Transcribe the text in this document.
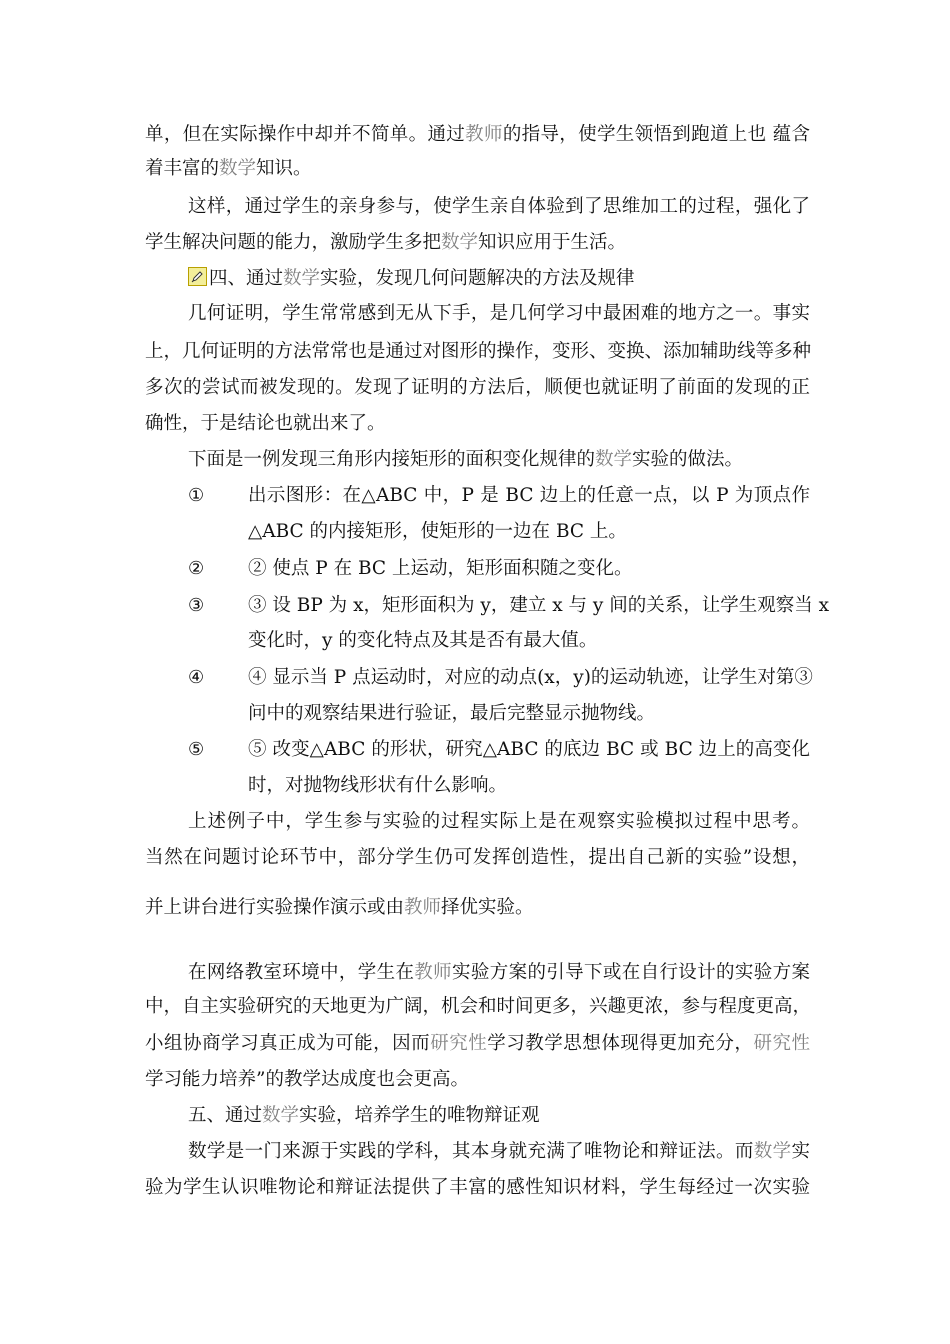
单，但在实际操作中却并不简单。通过教师的指导，使学生领悟到跑道上也 蕴含
着丰富的数学知识。
这样，通过学生的亲身参与，使学生亲自体验到了思维加工的过程，强化了
学生解决问题的能力，激励学生多把数学知识应用于生活。
四、通过数学实验，发现几何问题解决的方法及规律
几何证明，学生常常感到无从下手，是几何学习中最困难的地方之一。事实
上，几何证明的方法常常也是通过对图形的操作，变形、变换、添加辅助线等多种
多次的尝试而被发现的。发现了证明的方法后，顺便也就证明了前面的发现的正
确性，于是结论也就出来了。
下面是一例发现三角形内接矩形的面积变化规律的数学实验的做法。
① 出示图形：在△ABC 中，P 是 BC 边上的任意一点，以 P 为顶点作
△ABC 的内接矩形，使矩形的一边在 BC 上。
② ② 使点 P 在 BC 上运动，矩形面积随之变化。
③ ③ 设 BP 为 x，矩形面积为 y，建立 x 与 y 间的关系，让学生观察当 x
变化时，y 的变化特点及其是否有最大值。
④ ④ 显示当 P 点运动时，对应的动点(x，y)的运动轨迹，让学生对第③
问中的观察结果进行验证，最后完整显示抛物线。
⑤ ⑤ 改变△ABC 的形状，研究△ABC 的底边 BC 或 BC 边上的高变化
时，对抛物线形状有什么影响。
上述例子中，学生参与实验的过程实际上是在观察实验模拟过程中思考。
当然在问题讨论环节中，部分学生仍可发挥创造性，提出自己新的实验”设想，
并上讲台进行实验操作演示或由教师择优实验。
在网络教室环境中，学生在教师实验方案的引导下或在自行设计的实验方案
中，自主实验研究的天地更为广阔，机会和时间更多，兴趣更浓，参与程度更高，
小组协商学习真正成为可能，因而研究性学习教学思想体现得更加充分，研究性
学习能力培养”的教学达成度也会更高。
五、通过数学实验，培养学生的唯物辩证观
数学是一门来源于实践的学科，其本身就充满了唯物论和辩证法。而数学实
验为学生认识唯物论和辩证法提供了丰富的感性知识材料，学生每经过一次实验
